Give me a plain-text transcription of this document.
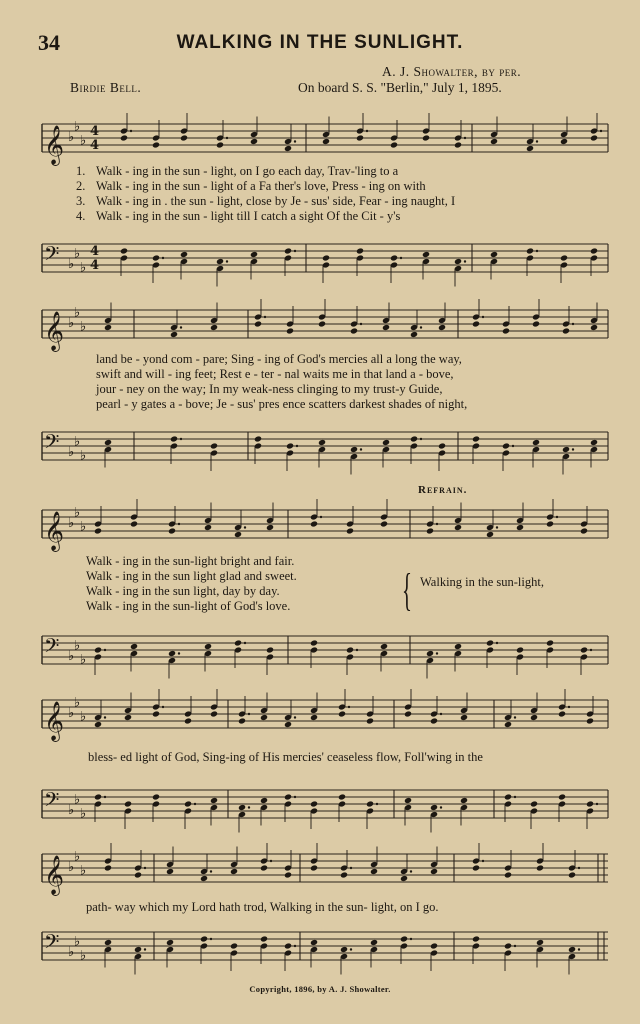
34	WALKING IN THE SUNLIGHT.
A. J. Showalter, by per.
Birdie Bell.	On board S. S. "Berlin," July 1, 1895.
𝄞 ♭
♭
♭
4
4
1. Walk - ing in the sun - light, on I go each day, Trav-'ling to a
2. Walk - ing in the sun - light of a Fa ther's love, Press - ing on with
3. Walk - ing in . the sun - light, close by Je - sus' side, Fear - ing naught, I
4. Walk - ing in the sun - light till I catch a sight Of the Cit - y's
𝄢 ♭
♭
♭
4
4
𝄞 ♭
♭
♭
land be - yond com - pare; Sing - ing of God's mercies all a long the way,
swift and will - ing feet; Rest e - ter - nal waits me in that land a - bove,
jour - ney on the way; In my weak-ness clinging to my trust-y Guide,
pearl - y gates a - bove; Je - sus' pres ence scatters darkest shades of night,
𝄢 ♭
♭
♭
Refrain.
𝄞 ♭
♭
♭
Walk - ing in the sun-light bright and fair.
Walk - ing in the sun light glad and sweet.
Walk - ing in the sun light, day by day.
Walk - ing in the sun-light of God's love.
𝄢 ♭
♭
♭
{ Walking in the sun-light,
𝄞 ♭
♭
♭
bless- ed light of God, Sing-ing of His mercies' ceaseless flow, Foll'wing in the
𝄢 ♭
♭
♭
𝄞 ♭
♭
♭
path- way which my Lord hath trod, Walking in the sun- light, on I go.
𝄢 ♭
♭
♭
Copyright, 1896, by A. J. Showalter.
